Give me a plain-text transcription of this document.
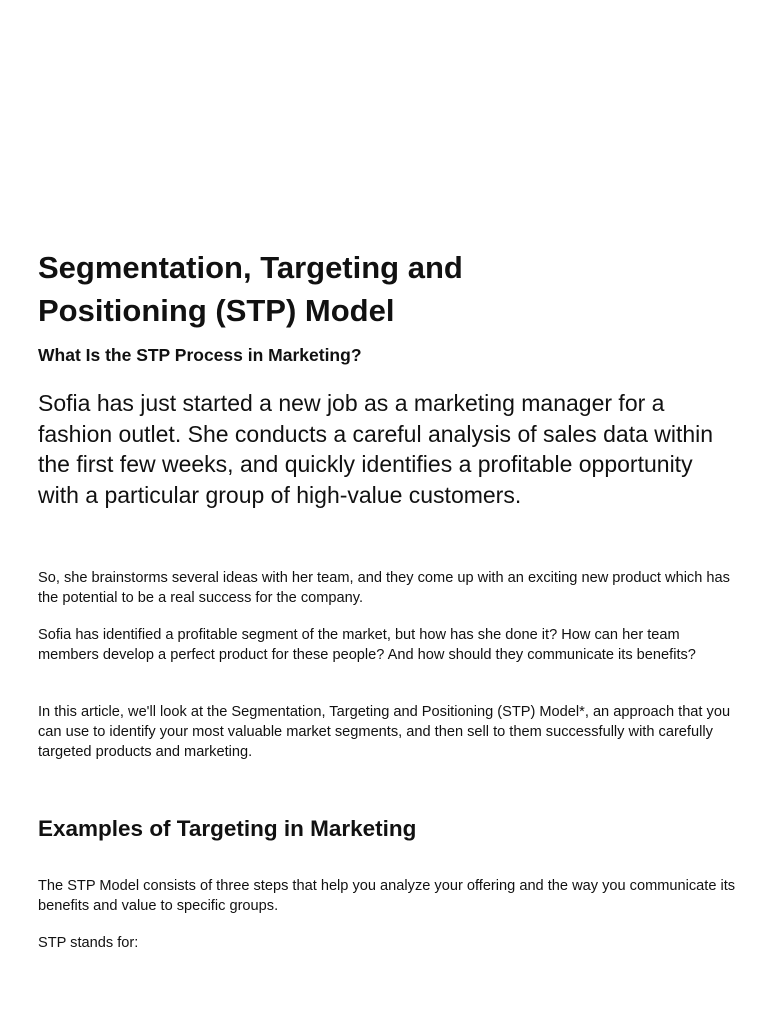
Segmentation, Targeting and Positioning (STP) Model
What Is the STP Process in Marketing?

Sofia has just started a new job as a marketing manager for a fashion outlet. She conducts a careful analysis of sales data within the first few weeks, and quickly identifies a profitable opportunity with a particular group of high-value customers.

So, she brainstorms several ideas with her team, and they come up with an exciting new product which has the potential to be a real success for the company.

Sofia has identified a profitable segment of the market, but how has she done it? How can her team members develop a perfect product for these people? And how should they communicate its benefits?

In this article, we'll look at the Segmentation, Targeting and Positioning (STP) Model*, an approach that you can use to identify your most valuable market segments, and then sell to them successfully with carefully targeted products and marketing.

Examples of Targeting in Marketing

The STP Model consists of three steps that help you analyze your offering and the way you communicate its benefits and value to specific groups.

STP stands for:
